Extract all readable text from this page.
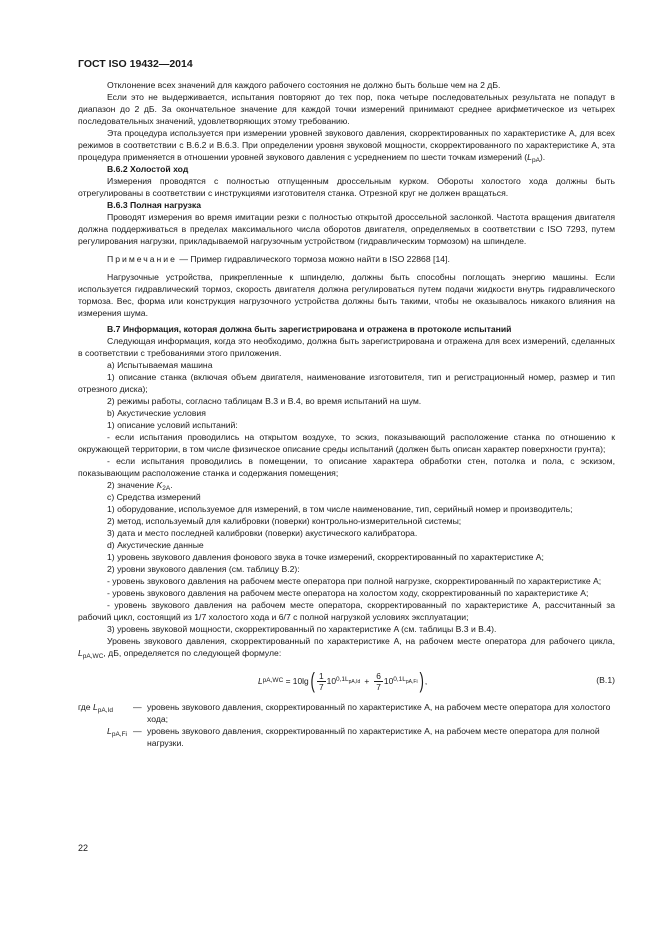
ГОСТ ISO 19432—2014

Отклонение всех значений для каждого рабочего состояния не должно быть больше чем на 2 дБ.

Если это не выдерживается, испытания повторяют до тех пор, пока четыре последовательных результата не попадут в диапазон до 2 дБ. За окончательное значение для каждой точки измерений принимают среднее арифметическое из четырех последовательных значений, удовлетворяющих этому требованию.

Эта процедура используется при измерении уровней звукового давления, скорректированных по характеристике A, для всех режимов в соответствии с B.6.2 и B.6.3. При определении уровня звуковой мощности, скорректированного по характеристике A, эта процедура применяется в отношении уровней звукового давления с усреднением по шести точкам измерений $(L_{pA})$.

B.6.2 Холостой ход

Измерения проводятся с полностью отпущенным дроссельным курком. Обороты холостого хода должны быть отрегулированы в соответствии с инструкциями изготовителя станка. Отрезной круг не должен вращаться.

B.6.3 Полная нагрузка

Проводят измерения во время имитации резки с полностью открытой дроссельной заслонкой. Частота вращения двигателя должна поддерживаться в пределах максимального числа оборотов двигателя, определяемых в соответствии с ISO 7293, путем регулирования нагрузки, прикладываемой нагрузочным устройством (гидравлическим тормозом) на шпинделе.

Примечание — Пример гидравлического тормоза можно найти в ISO 22868 [14].

Нагрузочные устройства, прикрепленные к шпинделю, должны быть способны поглощать энергию машины. Если используется гидравлический тормоз, скорость двигателя должна регулироваться путем подачи жидкости внутрь гидравлического тормоза. Вес, форма или конструкция нагрузочного устройства должны быть такими, чтобы не оказывалось никакого влияния на измерения шума.

B.7 Информация, которая должна быть зарегистрирована и отражена в протоколе испытаний

Следующая информация, когда это необходимо, должна быть зарегистрирована и отражена для всех измерений, сделанных в соответствии с требованиями этого приложения.

a) Испытываемая машина

1) описание станка (включая объем двигателя, наименование изготовителя, тип и регистрационный номер, размер и тип отрезного диска);

2) режимы работы, согласно таблицам B.3 и B.4, во время испытаний на шум.

b) Акустические условия

1) описание условий испытаний:

- если испытания проводились на открытом воздухе, то эскиз, показывающий расположение станка по отношению к окружающей территории, в том числе физическое описание среды испытаний (должен быть описан характер поверхности грунта);

- если испытания проводились в помещении, то описание характера обработки стен, потолка и пола, с эскизом, показывающим расположение станка и содержания помещения;

2) значение $K_{2A}$.

c) Средства измерений

1) оборудование, используемое для измерений, в том числе наименование, тип, серийный номер и производитель;

2) метод, используемый для калибровки (поверки) контрольно-измерительной системы;

3) дата и место последней калибровки (поверки) акустического калибратора.

d) Акустические данные

1) уровень звукового давления фонового звука в точке измерений, скорректированный по характеристике A;

2) уровни звукового давления (см. таблицу B.2):

- уровень звукового давления на рабочем месте оператора при полной нагрузке, скорректированный по характеристике A;

- уровень звукового давления на рабочем месте оператора на холостом ходу, скорректированный по характеристике A;

- уровень звукового давления на рабочем месте оператора, скорректированный по характеристике A, рассчитанный за рабочий цикл, состоящий из 1/7 холостого хода и 6/7 с полной нагрузкой условиях эксплуатации;

3) уровень звуковой мощности, скорректированный по характеристике A (см. таблицы B.3 и B.4).

Уровень звукового давления, скорректированный по характеристике A, на рабочем месте оператора для рабочего цикла, $L_{pA,WC}$, дБ, определяется по следующей формуле:

L pA,WC = 10lg ( $\frac{1}{7} 10$ $0,1L_{pA,Id} + \frac{6}{7} 10$ $0,1L_{pA,Fi}$ ) ,	(B.1)
где $L_{pA,Id}$	— уровень звукового давления, скорректированный по характеристике A, на рабочем месте оператора для холостого хода;
$L_{pA,Fi}$ — уровень звукового давления, скорректированный по характеристике A, на рабочем месте оператора для полной нагрузки.
22
